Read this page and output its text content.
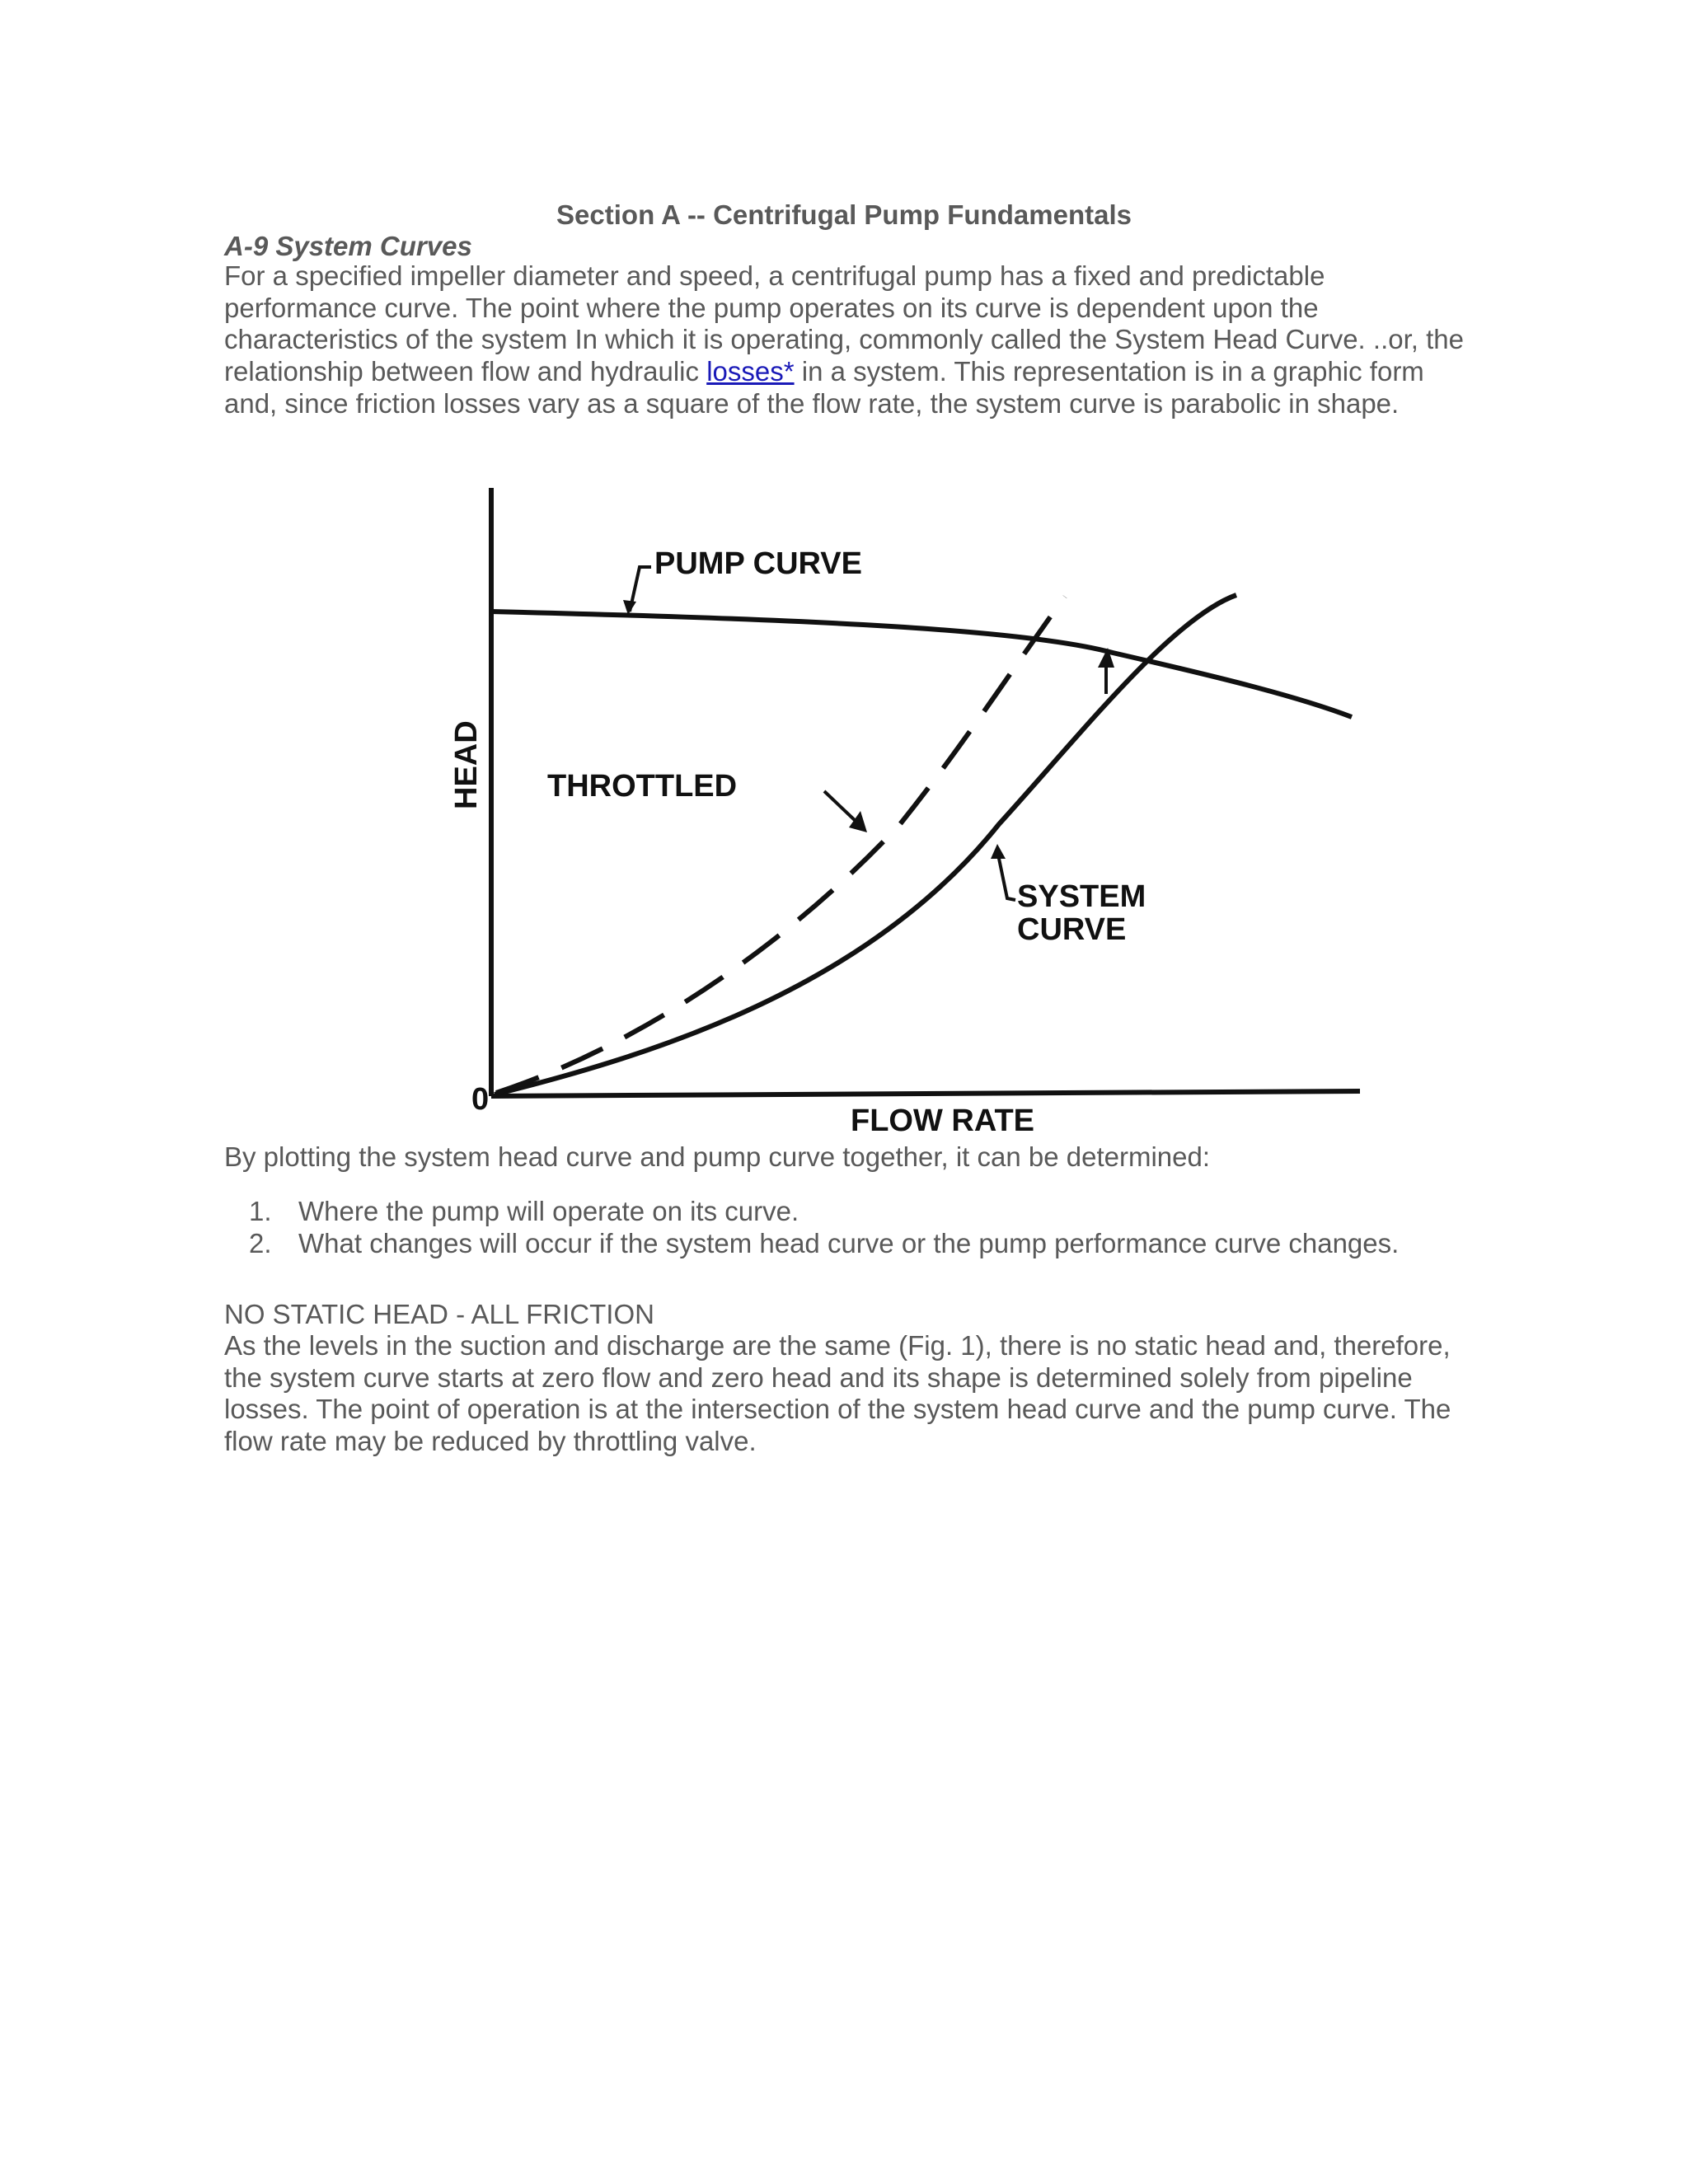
Section A -- Centrifugal Pump Fundamentals
A-9 System Curves
For a specified impeller diameter and speed, a centrifugal pump has a fixed and predictable performance curve. The point where the pump operates on its curve is dependent upon the characteristics of the system In which it is operating, commonly called the System Head Curve. ..or, the relationship between flow and hydraulic losses* in a system. This representation is in a graphic form and, since friction losses vary as a square of the flow rate, the system curve is parabolic in shape.
PUMP CURVE
THROTTLED
SYSTEM
CURVE
0
FLOW RATE
HEAD
By plotting the system head curve and pump curve together, it can be determined:
1. Where the pump will operate on its curve.
2. What changes will occur if the system head curve or the pump performance curve changes.
NO STATIC HEAD - ALL FRICTION
As the levels in the suction and discharge are the same (Fig. 1), there is no static head and, therefore, the system curve starts at zero flow and zero head and its shape is determined solely from pipeline losses. The point of operation is at the intersection of the system head curve and the pump curve. The flow rate may be reduced by throttling valve.
